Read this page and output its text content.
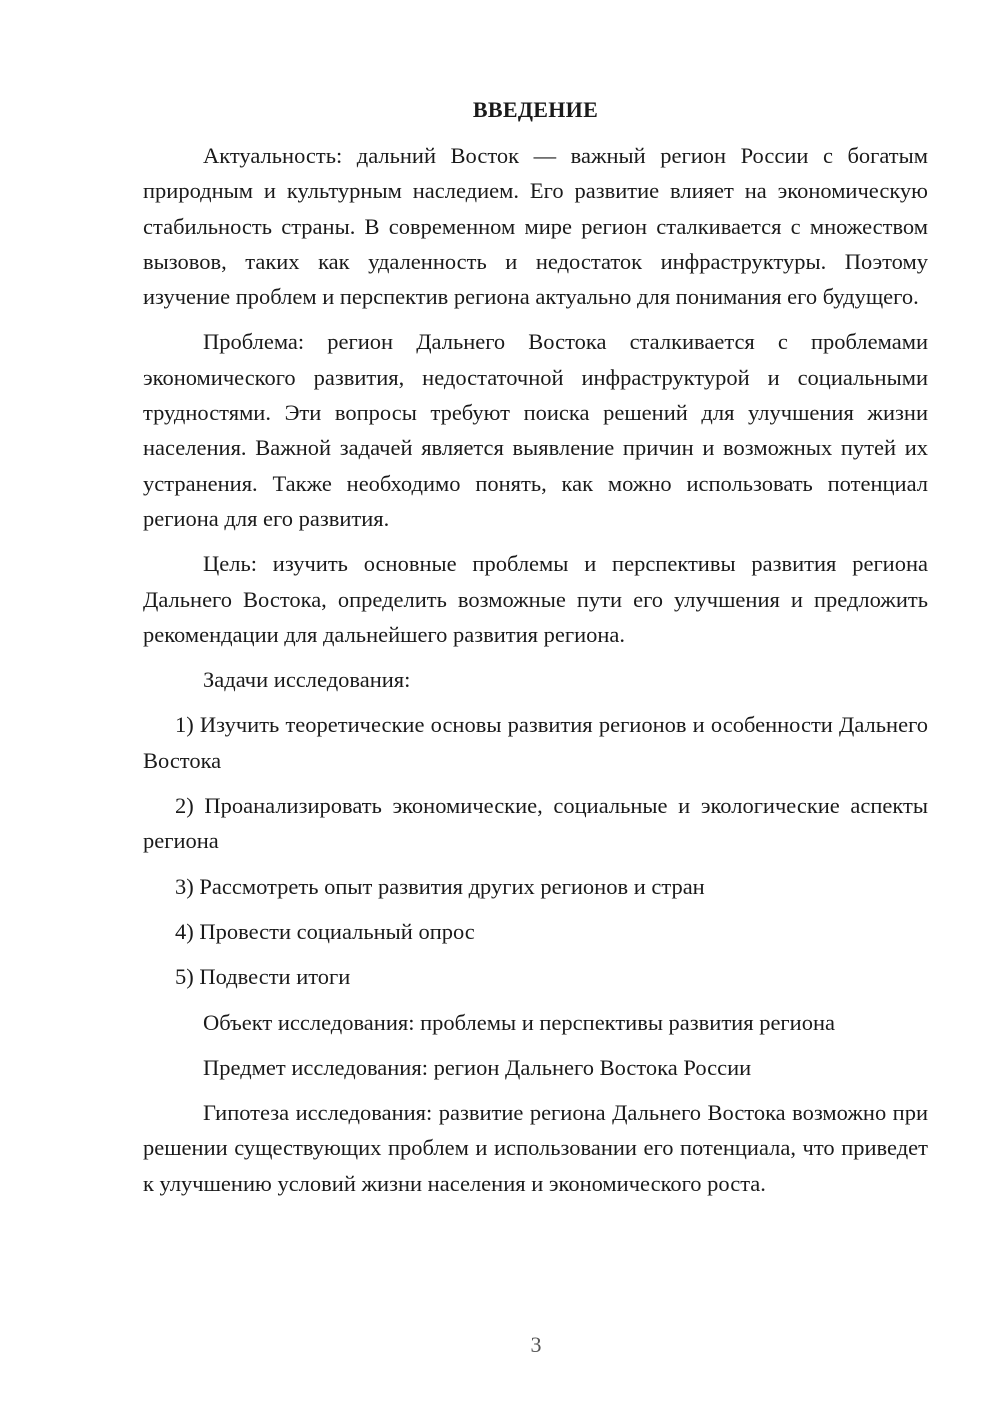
ВВЕДЕНИЕ

Актуальность: дальний Восток — важный регион России с богатым природным и культурным наследием. Его развитие влияет на экономическую стабильность страны. В современном мире регион сталкивается с множеством вызовов, таких как удаленность и недостаток инфраструктуры. Поэтому изучение проблем и перспектив региона актуально для понимания его будущего.

Проблема: регион Дальнего Востока сталкивается с проблемами экономического развития, недостаточной инфраструктурой и социальными трудностями. Эти вопросы требуют поиска решений для улучшения жизни населения. Важной задачей является выявление причин и возможных путей их устранения. Также необходимо понять, как можно использовать потенциал региона для его развития.

Цель: изучить основные проблемы и перспективы развития региона Дальнего Востока, определить возможные пути его улучшения и предложить рекомендации для дальнейшего развития региона.

Задачи исследования:

1) Изучить теоретические основы развития регионов и особенности Дальнего Востока

2) Проанализировать экономические, социальные и экологические аспекты региона

3) Рассмотреть опыт развития других регионов и стран

4) Провести социальный опрос

5) Подвести итоги

Объект исследования: проблемы и перспективы развития региона

Предмет исследования: регион Дальнего Востока России

Гипотеза исследования: развитие региона Дальнего Востока возможно при решении существующих проблем и использовании его потенциала, что приведет к улучшению условий жизни населения и экономического роста.

3
